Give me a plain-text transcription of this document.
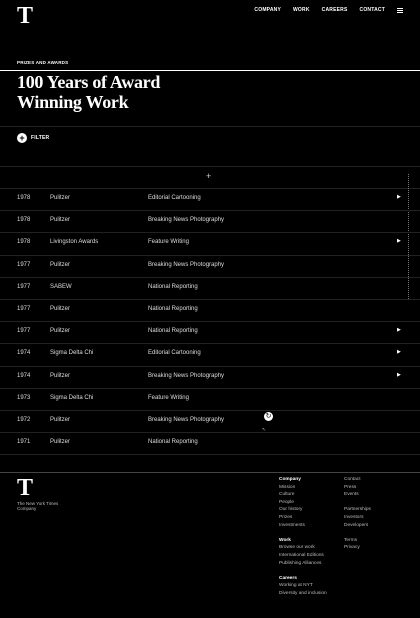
T	COMPANY WORK CAREERS CONTACT
PRIZES AND AWARDS
100 Years of Award Winning Work
+	FILTER
+
1978	Pulitzer	Editorial Cartooning	▶
1978	Pulitzer	Breaking News Photography
1978	Livingston Awards	Feature Writing	▶
1977	Pulitzer	Breaking News Photography
1977	SABEW	National Reporting
1977	Pulitzer	National Reporting
1977	Pulitzer	National Reporting	▶
1974	Sigma Delta Chi	Editorial Cartooning	▶
1974	Pulitzer	Breaking News Photography	▶
1973	Sigma Delta Chi	Feature Writing
1972	Pulitzer	Breaking News Photography
1971	Pulitzer	National Reporting
↻
↖
T
The New York Times Company
Company
Mission
Culture
People
Our history
Prizes
Investments
Work
Browse our work
International Editions
Publishing Alliances
Careers
Working at NYT
Diversity and inclusion
Contact
Press
Events
Partnerships
Investors
Developers
Terms
Privacy
